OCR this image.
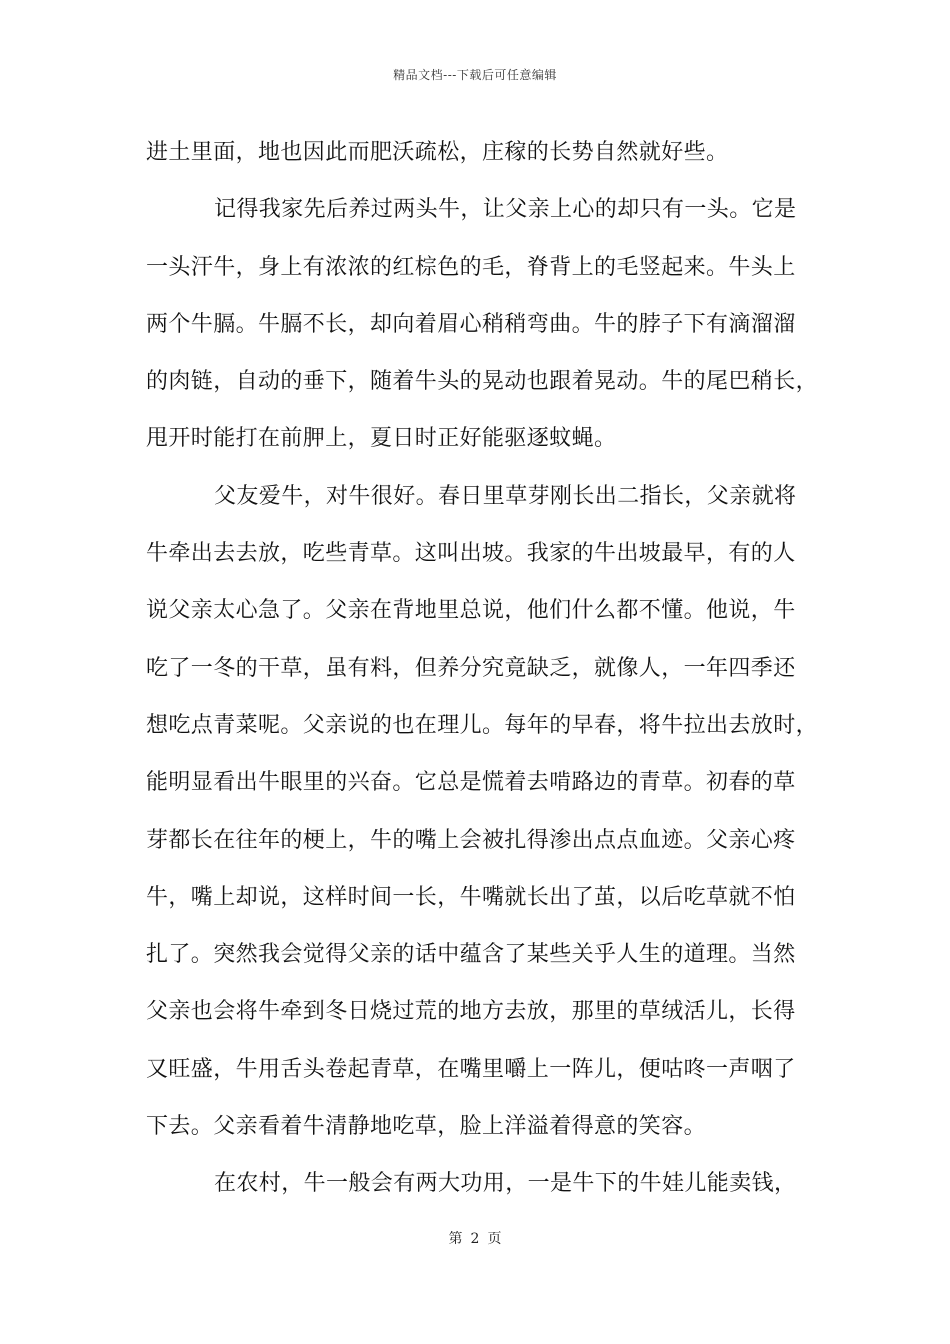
精品文档---下载后可任意编辑
进土里面，地也因此而肥沃疏松，庄稼的长势自然就好些。
记得我家先后养过两头牛，让父亲上心的却只有一头。它是
一头汗牛，身上有浓浓的红棕色的毛，脊背上的毛竖起来。牛头上
两个牛膈。牛膈不长，却向着眉心稍稍弯曲。牛的脖子下有滴溜溜
的肉链，自动的垂下，随着牛头的晃动也跟着晃动。牛的尾巴稍长，
甩开时能打在前胛上，夏日时正好能驱逐蚊蝇。
父友爱牛，对牛很好。春日里草芽刚长出二指长，父亲就将
牛牵出去去放，吃些青草。这叫出坡。我家的牛出坡最早，有的人
说父亲太心急了。父亲在背地里总说，他们什么都不懂。他说，牛
吃了一冬的干草，虽有料，但养分究竟缺乏，就像人，一年四季还
想吃点青菜呢。父亲说的也在理儿。每年的早春，将牛拉出去放时，
能明显看出牛眼里的兴奋。它总是慌着去啃路边的青草。初春的草
芽都长在往年的梗上，牛的嘴上会被扎得渗出点点血迹。父亲心疼
牛，嘴上却说，这样时间一长，牛嘴就长出了茧，以后吃草就不怕
扎了。突然我会觉得父亲的话中蕴含了某些关乎人生的道理。当然
父亲也会将牛牵到冬日烧过荒的地方去放，那里的草绒活儿，长得
又旺盛，牛用舌头卷起青草，在嘴里嚼上一阵儿，便咕咚一声咽了
下去。父亲看着牛清静地吃草，脸上洋溢着得意的笑容。
在农村，牛一般会有两大功用，一是牛下的牛娃儿能卖钱，
第 2 页
